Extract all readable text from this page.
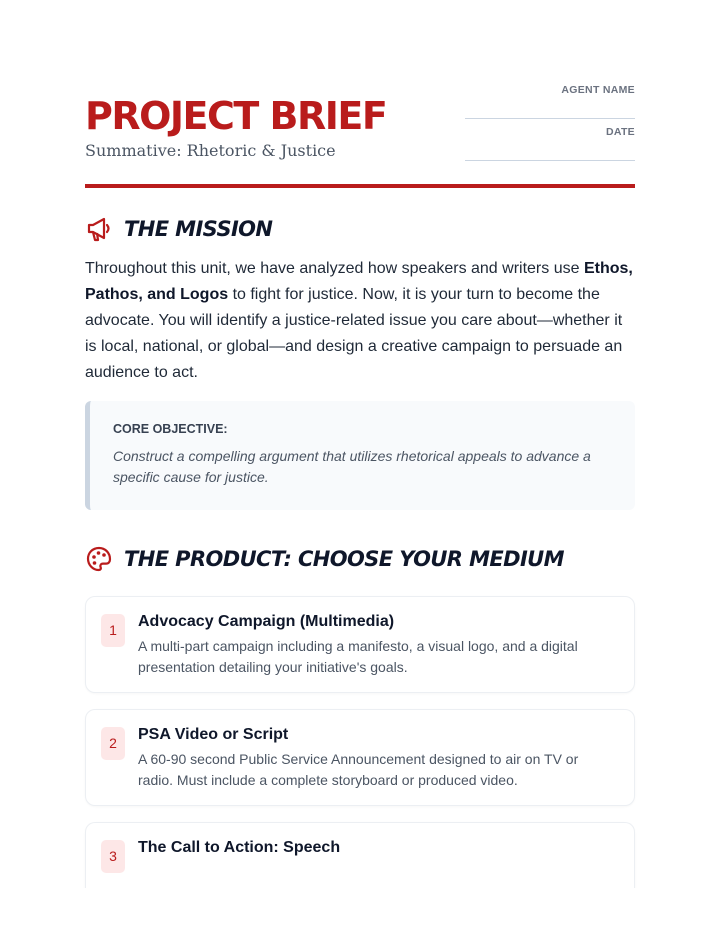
PROJECT BRIEF
Summative: Rhetoric & Justice
AGENT NAME
DATE
THE MISSION

Throughout this unit, we have analyzed how speakers and writers use Ethos, Pathos, and Logos to fight for justice. Now, it is your turn to become the advocate. You will identify a justice-related issue you care about—whether it is local, national, or global—and design a creative campaign to persuade an audience to act.

CORE OBJECTIVE:
Construct a compelling argument that utilizes rhetorical appeals to advance a specific cause for justice.
THE PRODUCT: CHOOSE YOUR MEDIUM
1	Advocacy Campaign (Multimedia)
A multi-part campaign including a manifesto, a visual logo, and a digital presentation detailing your initiative's goals.
2	PSA Video or Script
A 60-90 second Public Service Announcement designed to air on TV or radio. Must include a complete storyboard or produced video.
3	The Call to Action: Speech
